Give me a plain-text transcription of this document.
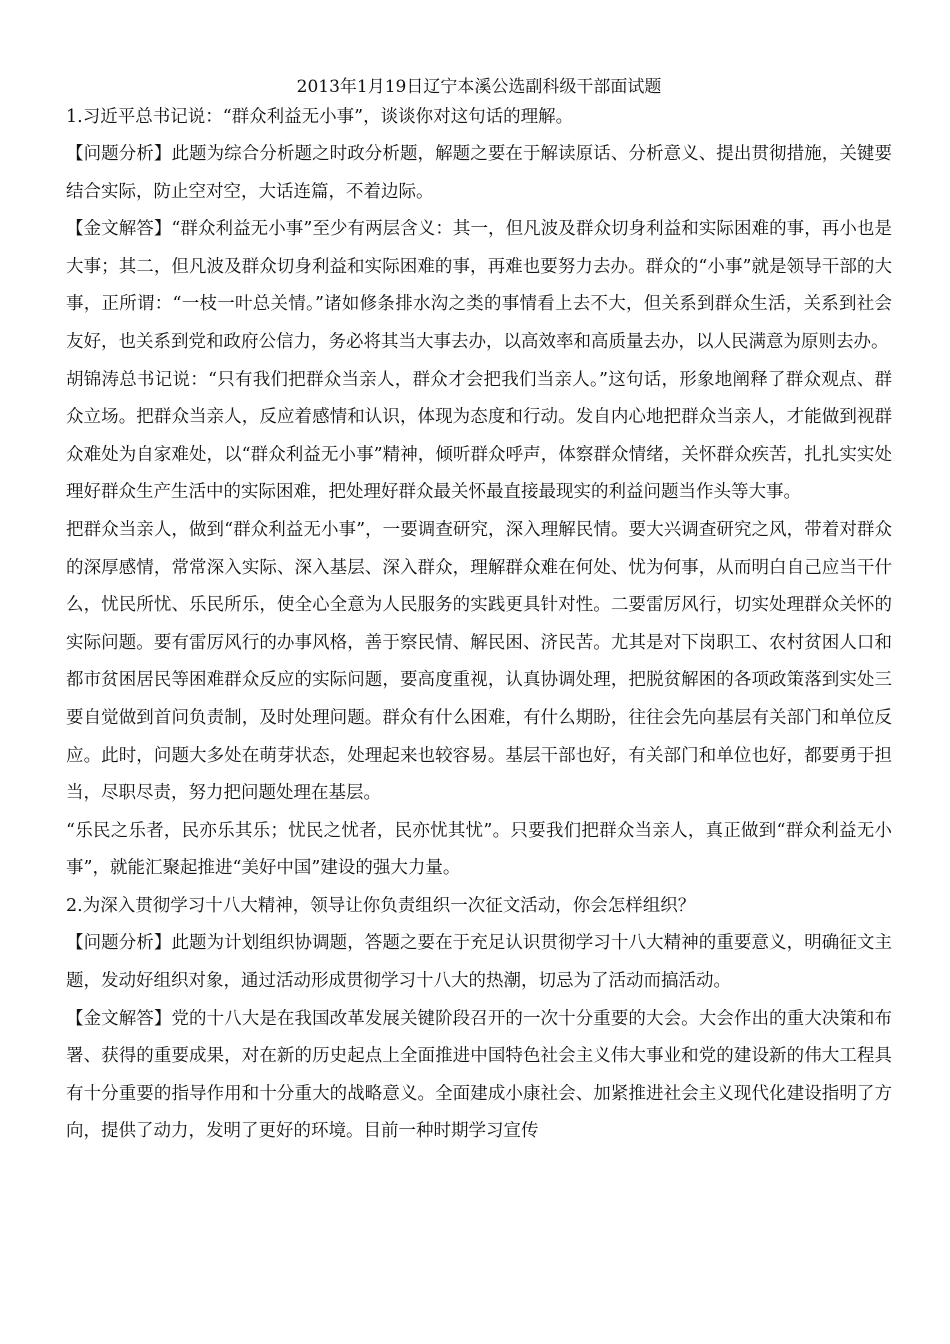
2013年1月19日辽宁本溪公选副科级干部面试题

1.习近平总书记说：“群众利益无小事”，谈谈你对这句话的理解。

【问题分析】此题为综合分析题之时政分析题，解题之要在于解读原话、分析意义、提出贯彻措施，关键要结合实际，防止空对空，大话连篇，不着边际。

【金文解答】“群众利益无小事”至少有两层含义：其一，但凡波及群众切身利益和实际困难的事，再小也是大事；其二，但凡波及群众切身利益和实际困难的事，再难也要努力去办。群众的“小事”就是领导干部的大事，正所谓：“一枝一叶总关情。”诸如修条排水沟之类的事情看上去不大，但关系到群众生活，关系到社会友好，也关系到党和政府公信力，务必将其当大事去办，以高效率和高质量去办，以人民满意为原则去办。

胡锦涛总书记说：“只有我们把群众当亲人，群众才会把我们当亲人。”这句话，形象地阐释了群众观点、群众立场。把群众当亲人，反应着感情和认识，体现为态度和行动。发自内心地把群众当亲人，才能做到视群众难处为自家难处，以“群众利益无小事”精神，倾听群众呼声，体察群众情绪，关怀群众疾苦，扎扎实实处理好群众生产生活中的实际困难，把处理好群众最关怀最直接最现实的利益问题当作头等大事。

把群众当亲人，做到“群众利益无小事”，一要调查研究，深入理解民情。要大兴调查研究之风，带着对群众的深厚感情，常常深入实际、深入基层、深入群众，理解群众难在何处、忧为何事，从而明白自己应当干什么，忧民所忧、乐民所乐，使全心全意为人民服务的实践更具针对性。二要雷厉风行，切实处理群众关怀的实际问题。要有雷厉风行的办事风格，善于察民情、解民困、济民苦。尤其是对下岗职工、农村贫困人口和都市贫困居民等困难群众反应的实际问题，要高度重视，认真协调处理，把脱贫解困的各项政策落到实处三要自觉做到首问负责制，及时处理问题。群众有什么困难，有什么期盼，往往会先向基层有关部门和单位反应。此时，问题大多处在萌芽状态，处理起来也较容易。基层干部也好，有关部门和单位也好，都要勇于担当，尽职尽责，努力把问题处理在基层。

“乐民之乐者，民亦乐其乐；忧民之忧者，民亦忧其忧”。只要我们把群众当亲人，真正做到“群众利益无小事”，就能汇聚起推进“美好中国”建设的强大力量。

2.为深入贯彻学习十八大精神，领导让你负责组织一次征文活动，你会怎样组织？

【问题分析】此题为计划组织协调题，答题之要在于充足认识贯彻学习十八大精神的重要意义，明确征文主题，发动好组织对象，通过活动形成贯彻学习十八大的热潮，切忌为了活动而搞活动。

【金文解答】党的十八大是在我国改革发展关键阶段召开的一次十分重要的大会。大会作出的重大决策和布署、获得的重要成果，对在新的历史起点上全面推进中国特色社会主义伟大事业和党的建设新的伟大工程具有十分重要的指导作用和十分重大的战略意义。全面建成小康社会、加紧推进社会主义现代化建设指明了方向，提供了动力，发明了更好的环境。目前一种时期学习宣传
